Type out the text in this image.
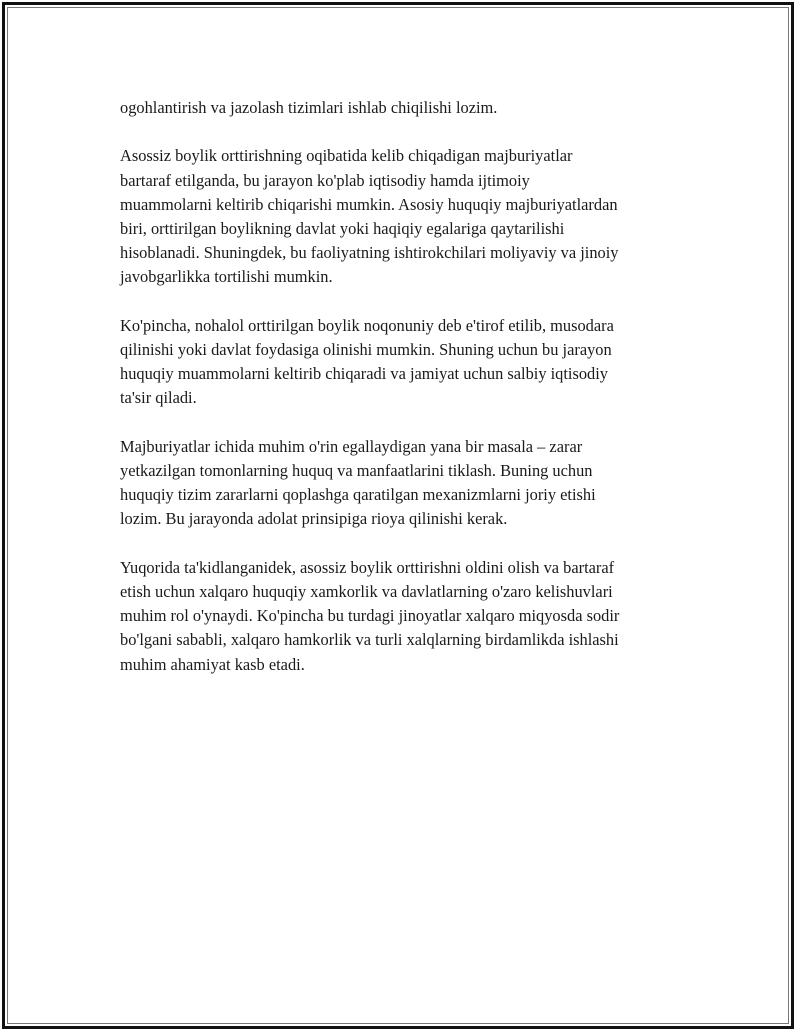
ogohlantirish va jazolash tizimlari ishlab chiqilishi lozim.

Asossiz boylik orttirishning oqibatida kelib chiqadigan majburiyatlar
bartaraf etilganda, bu jarayon ko'plab iqtisodiy hamda ijtimoiy
muammolarni keltirib chiqarishi mumkin. Asosiy huquqiy majburiyatlardan
biri, orttirilgan boylikning davlat yoki haqiqiy egalariga qaytarilishi
hisoblanadi. Shuningdek, bu faoliyatning ishtirokchilari moliyaviy va jinoiy
javobgarlikka tortilishi mumkin.

Ko'pincha, nohalol orttirilgan boylik noqonuniy deb e'tirof etilib, musodara
qilinishi yoki davlat foydasiga olinishi mumkin. Shuning uchun bu jarayon
huquqiy muammolarni keltirib chiqaradi va jamiyat uchun salbiy iqtisodiy
ta'sir qiladi.

Majburiyatlar ichida muhim o'rin egallaydigan yana bir masala – zarar
yetkazilgan tomonlarning huquq va manfaatlarini tiklash. Buning uchun
huquqiy tizim zararlarni qoplashga qaratilgan mexanizmlarni joriy etishi
lozim. Bu jarayonda adolat prinsipiga rioya qilinishi kerak.

Yuqorida ta'kidlanganidek, asossiz boylik orttirishni oldini olish va bartaraf
etish uchun xalqaro huquqiy xamkorlik va davlatlarning o'zaro kelishuvlari
muhim rol o'ynaydi. Ko'pincha bu turdagi jinoyatlar xalqaro miqyosda sodir
bo'lgani sababli, xalqaro hamkorlik va turli xalqlarning birdamlikda ishlashi
muhim ahamiyat kasb etadi.
